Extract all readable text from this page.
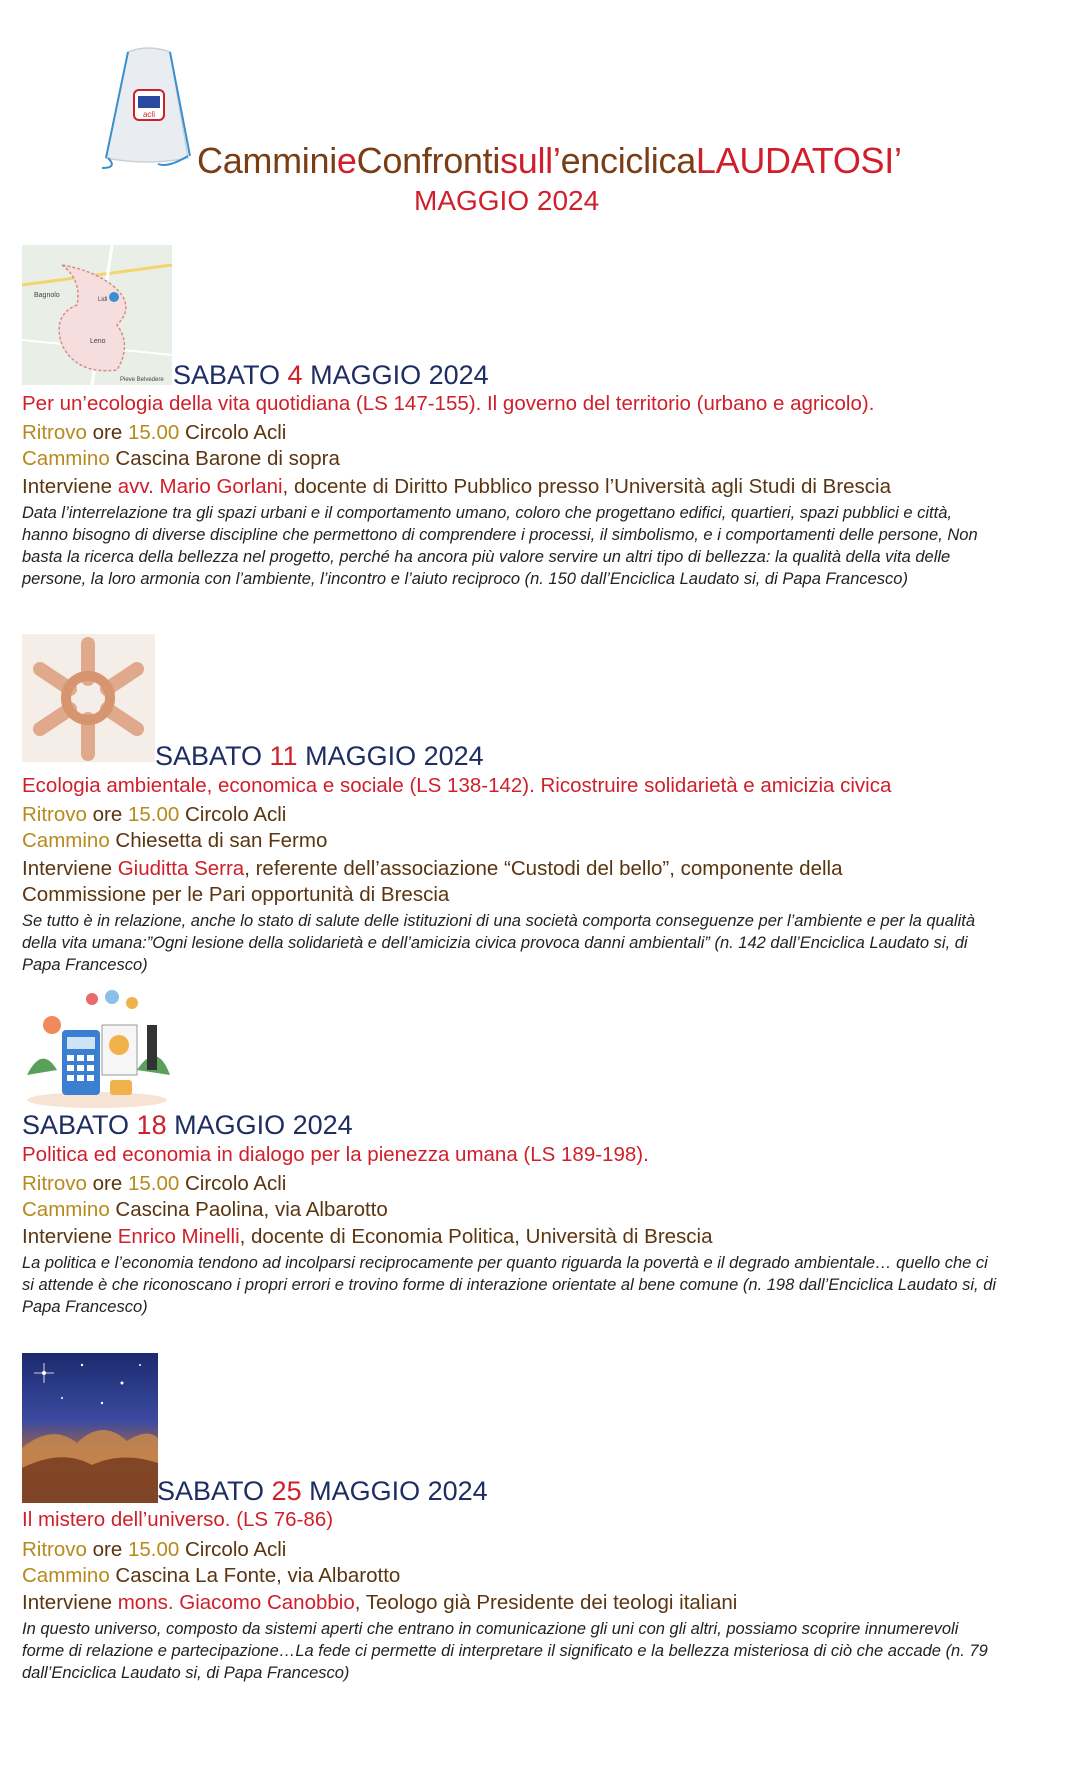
acli
CamminieConfrontisull’enciclicaLAUDATOSI’
MAGGIO 2024
Bagnolo
Leno
Pieve Belvedere
Lidl
SABATO 4 MAGGIO 2024
Per un’ecologia della vita quotidiana (LS 147-155). Il governo del territorio (urbano e agricolo).
Ritrovo ore 15.00 Circolo Acli
Cammino Cascina Barone di sopra
Interviene avv. Mario Gorlani, docente di Diritto Pubblico presso l’Università agli Studi di Brescia
Data l’interrelazione tra gli spazi urbani e il comportamento umano, coloro che progettano edifici, quartieri, spazi pubblici e città, hanno bisogno di diverse discipline che permettono di comprendere i processi, il simbolismo, e i comportamenti delle persone, Non basta la ricerca della bellezza nel progetto, perché ha ancora più valore servire un altri tipo di bellezza: la qualità della vita delle persone, la loro armonia con l’ambiente, l’incontro e l’aiuto reciproco (n. 150 dall’Enciclica Laudato si, di Papa Francesco)
SABATO 11 MAGGIO 2024
Ecologia ambientale, economica e sociale (LS 138-142). Ricostruire solidarietà e amicizia civica
Ritrovo ore 15.00 Circolo Acli
Cammino Chiesetta di san Fermo
Interviene Giuditta Serra, referente dell’associazione “Custodi del bello”, componente della
Commissione per le Pari opportunità di Brescia
Se tutto è in relazione, anche lo stato di salute delle istituzioni di una società comporta conseguenze per l’ambiente e per la qualità della vita umana:”Ogni lesione della solidarietà e dell’amicizia civica provoca danni ambientali” (n. 142 dall’Enciclica Laudato si, di Papa Francesco)
SABATO 18 MAGGIO 2024
Politica ed economia in dialogo per la pienezza umana (LS 189-198).
Ritrovo ore 15.00 Circolo Acli
Cammino Cascina Paolina, via Albarotto
Interviene Enrico Minelli, docente di Economia Politica, Università di Brescia
La politica e l’economia tendono ad incolparsi reciprocamente per quanto riguarda la povertà e il degrado ambientale… quello che ci si attende è che riconoscano i propri errori e trovino forme di interazione orientate al bene comune (n. 198 dall’Enciclica Laudato si, di Papa Francesco)
SABATO 25 MAGGIO 2024
Il mistero dell’universo. (LS 76-86)
Ritrovo ore 15.00 Circolo Acli
Cammino Cascina La Fonte, via Albarotto
Interviene mons. Giacomo Canobbio, Teologo già Presidente dei teologi italiani
In questo universo, composto da sistemi aperti che entrano in comunicazione gli uni con gli altri, possiamo scoprire innumerevoli forme di relazione e partecipazione…La fede ci permette di interpretare il significato e la bellezza misteriosa di ciò che accade (n. 79 dall’Enciclica Laudato si, di Papa Francesco)
